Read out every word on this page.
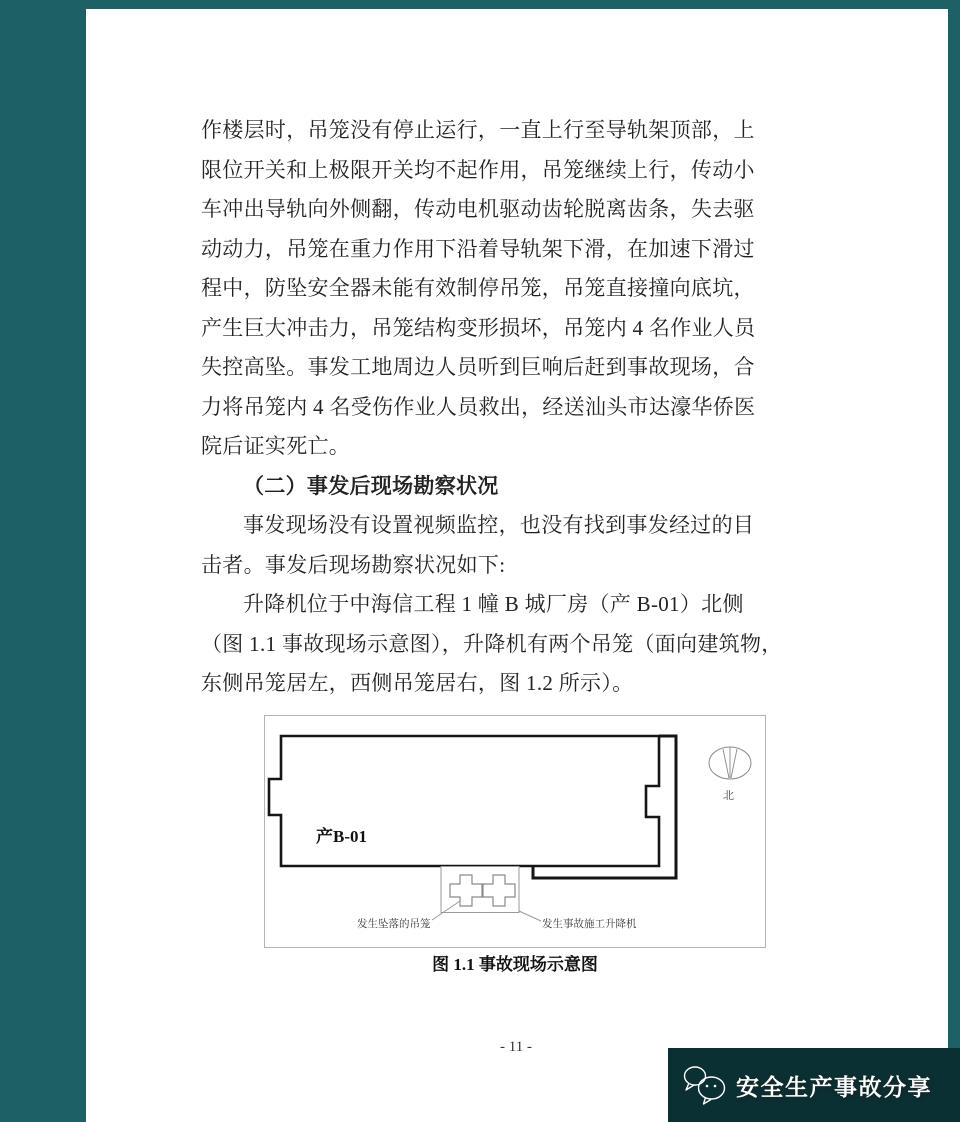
作楼层时，吊笼没有停止运行，一直上行至导轨架顶部，上
限位开关和上极限开关均不起作用，吊笼继续上行，传动小
车冲出导轨向外侧翻，传动电机驱动齿轮脱离齿条，失去驱
动动力，吊笼在重力作用下沿着导轨架下滑，在加速下滑过
程中，防坠安全器未能有效制停吊笼，吊笼直接撞向底坑，
产生巨大冲击力，吊笼结构变形损坏，吊笼内 4 名作业人员
失控高坠。事发工地周边人员听到巨响后赶到事故现场，合
力将吊笼内 4 名受伤作业人员救出，经送汕头市达濠华侨医
院后证实死亡。
（二）事发后现场勘察状况
事发现场没有设置视频监控，也没有找到事发经过的目
击者。事发后现场勘察状况如下:
升降机位于中海信工程 1 幢 B 城厂房（产 B-01）北侧
（图 1.1 事故现场示意图），升降机有两个吊笼（面向建筑物，
东侧吊笼居左，西侧吊笼居右，图 1.2 所示）。
发生坠落的吊笼	发生事故施工升降机
产B-01
北
图 1.1 事故现场示意图
- 11 -
安全生产事故分享
